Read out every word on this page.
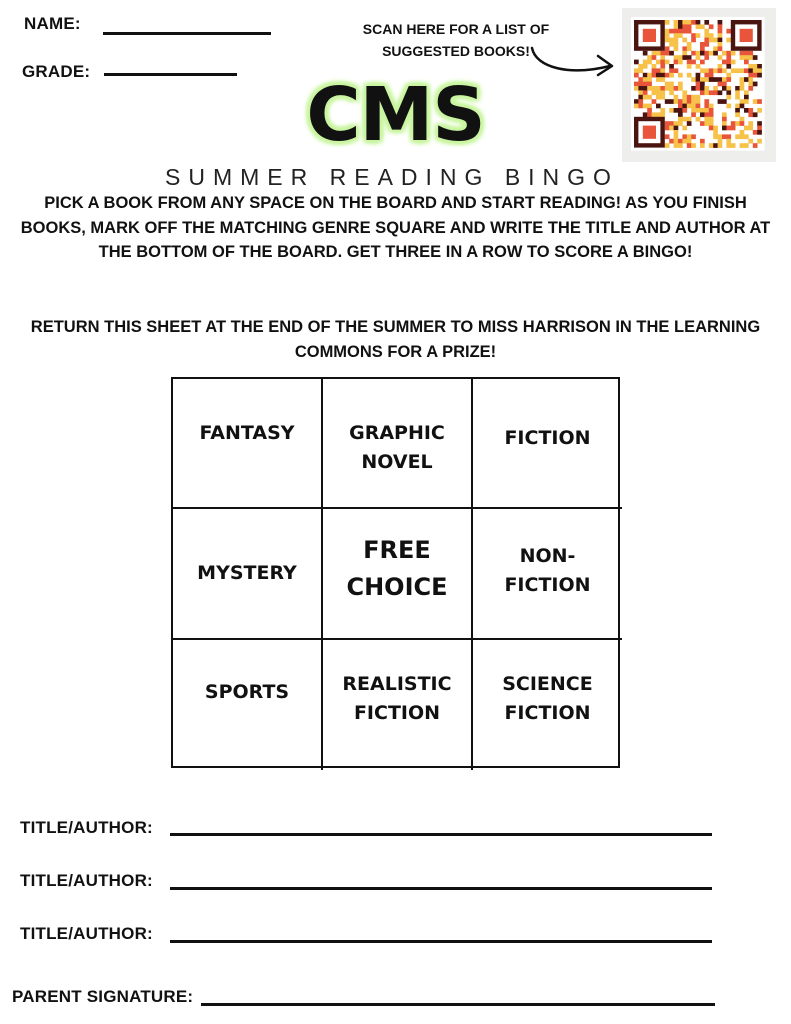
NAME:
GRADE:
SCAN HERE FOR A LIST OF SUGGESTED BOOKS!
CMS
SUMMER READING BINGO
PICK A BOOK FROM ANY SPACE ON THE BOARD AND START READING! AS YOU FINISH BOOKS, MARK OFF THE MATCHING GENRE SQUARE AND WRITE THE TITLE AND AUTHOR AT THE BOTTOM OF THE BOARD. GET THREE IN A ROW TO SCORE A BINGO!
RETURN THIS SHEET AT THE END OF THE SUMMER TO MISS HARRISON IN THE LEARNING COMMONS FOR A PRIZE!
FANTASY	GRAPHIC
NOVEL
FICTION
MYSTERY
FREE
CHOICE
NON-
FICTION
SPORTS	REALISTIC
FICTION
SCIENCE
FICTION
TITLE/AUTHOR:
TITLE/AUTHOR:
TITLE/AUTHOR:
PARENT SIGNATURE:
